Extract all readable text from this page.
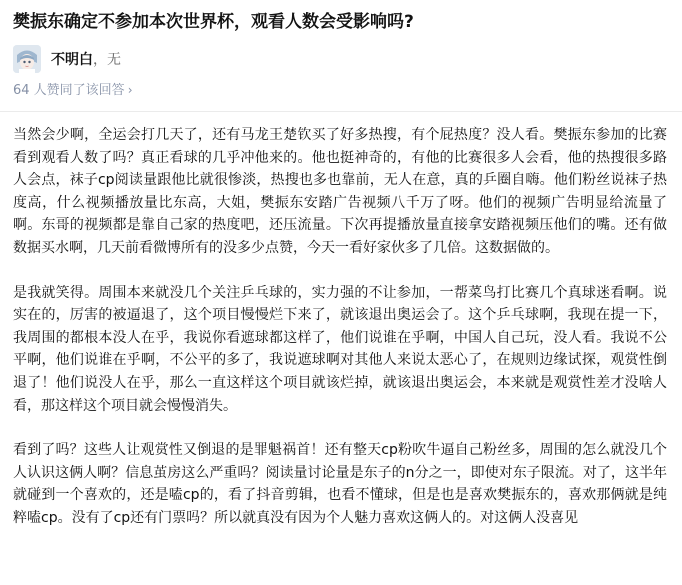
樊振东确定不参加本次世界杯，观看人数会受影响吗?
不明白 ， 无
64 人赞同了该回答 ›

当然会少啊，全运会打几天了，还有马龙王楚钦买了好多热搜，有个屁热度？没人看。樊振东参加的比赛看到观看人数了吗？真正看球的几乎冲他来的。他也挺神奇的，有他的比赛很多人会看，他的热搜很多路人会点，袜子cp阅读量跟他比就很惨淡，热搜也多也靠前，无人在意，真的乒圈自嗨。他们粉丝说袜子热度高，什么视频播放量比东高，大姐，樊振东安踏广告视频八千万了呀。他们的视频广告明显给流量了啊。东哥的视频都是靠自己家的热度吧，还压流量。下次再提播放量直接拿安踏视频压他们的嘴。还有做数据买水啊，几天前看微博所有的没多少点赞，今天一看好家伙多了几倍。这数据做的。

是我就笑得。周围本来就没几个关注乒乓球的，实力强的不让参加，一帮菜鸟打比赛几个真球迷看啊。说实在的，厉害的被逼退了，这个项目慢慢烂下来了，就该退出奥运会了。这个乒乓球啊，我现在提一下，我周围的都根本没人在乎，我说你看遮球都这样了，他们说谁在乎啊，中国人自己玩，没人看。我说不公平啊，他们说谁在乎啊，不公平的多了，我说遮球啊对其他人来说太恶心了，在规则边缘试探，观赏性倒退了！他们说没人在乎，那么一直这样这个项目就该烂掉，就该退出奥运会，本来就是观赏性差才没啥人看，那这样这个项目就会慢慢消失。

看到了吗？这些人让观赏性又倒退的是罪魁祸首！还有整天cp粉吹牛逼自己粉丝多，周围的怎么就没几个人认识这俩人啊？信息茧房这么严重吗？阅读量讨论量是东子的n分之一，即使对东子限流。对了，这半年就碰到一个喜欢的，还是嗑cp的，看了抖音剪辑，也看不懂球，但是也是喜欢樊振东的，喜欢那俩就是纯粹嗑cp。没有了cp还有门票吗？所以就真没有因为个人魅力喜欢这俩人的。对这俩人没喜见
